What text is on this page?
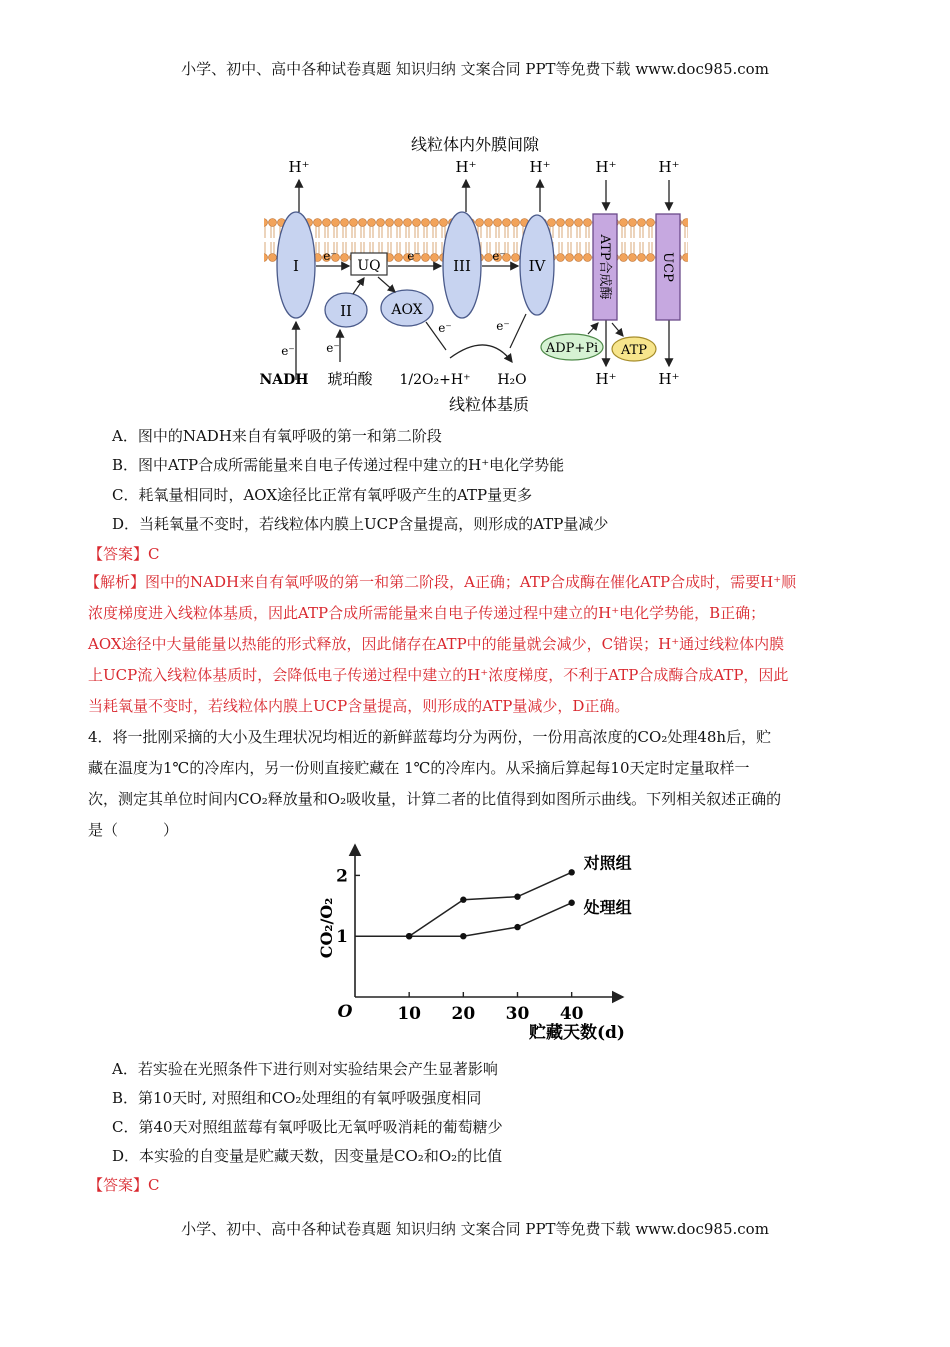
小学、初中、高中各种试卷真题 知识归纳 文案合同 PPT等免费下载 www.doc985.com
线粒体内外膜间隙
H⁺	H⁺	H⁺	H⁺	H⁺
I
II
UQ
AOX
III	IV	ATP合成酶	UCP
e⁻	e⁻	e⁻
e⁻
NADH
e⁻
琥珀酸
e⁻	e⁻
1/2O₂+H⁺ H₂O
ADP+Pi ATP
H⁺	H⁺
线粒体基质
A．图中的NADH来自有氧呼吸的第一和第二阶段
B．图中ATP合成所需能量来自电子传递过程中建立的H⁺电化学势能
C．耗氧量相同时，AOX途径比正常有氧呼吸产生的ATP量更多
D．当耗氧量不变时，若线粒体内膜上UCP含量提高，则形成的ATP量减少
【答案】C
【解析】图中的NADH来自有氧呼吸的第一和第二阶段，A正确；ATP合成酶在催化ATP合成时，需要H⁺顺
浓度梯度进入线粒体基质，因此ATP合成所需能量来自电子传递过程中建立的H⁺电化学势能，B正确；
AOX途径中大量能量以热能的形式释放，因此储存在ATP中的能量就会减少，C错误；H⁺通过线粒体内膜
上UCP流入线粒体基质时，会降低电子传递过程中建立的H⁺浓度梯度，不利于ATP合成酶合成ATP，因此
当耗氧量不变时，若线粒体内膜上UCP含量提高，则形成的ATP量减少，D正确。
4．将一批刚采摘的大小及生理状况均相近的新鲜蓝莓均分为两份，一份用高浓度的CO₂处理48h后，贮
藏在温度为1℃的冷库内，另一份则直接贮藏在 1℃的冷库内。从采摘后算起每10天定时定量取样一
次，测定其单位时间内CO₂释放量和O₂吸收量，计算二者的比值得到如图所示曲线。下列相关叙述正确的
是（　　　）
O
CO₂/O₂
贮藏天数(d)
10 20 30 40
1
2
对照组
处理组
A．若实验在光照条件下进行则对实验结果会产生显著影响
B．第10天时, 对照组和CO₂处理组的有氧呼吸强度相同
C．第40天对照组蓝莓有氧呼吸比无氧呼吸消耗的葡萄糖少
D．本实验的自变量是贮藏天数，因变量是CO₂和O₂的比值
【答案】C
小学、初中、高中各种试卷真题 知识归纳 文案合同 PPT等免费下载 www.doc985.com
